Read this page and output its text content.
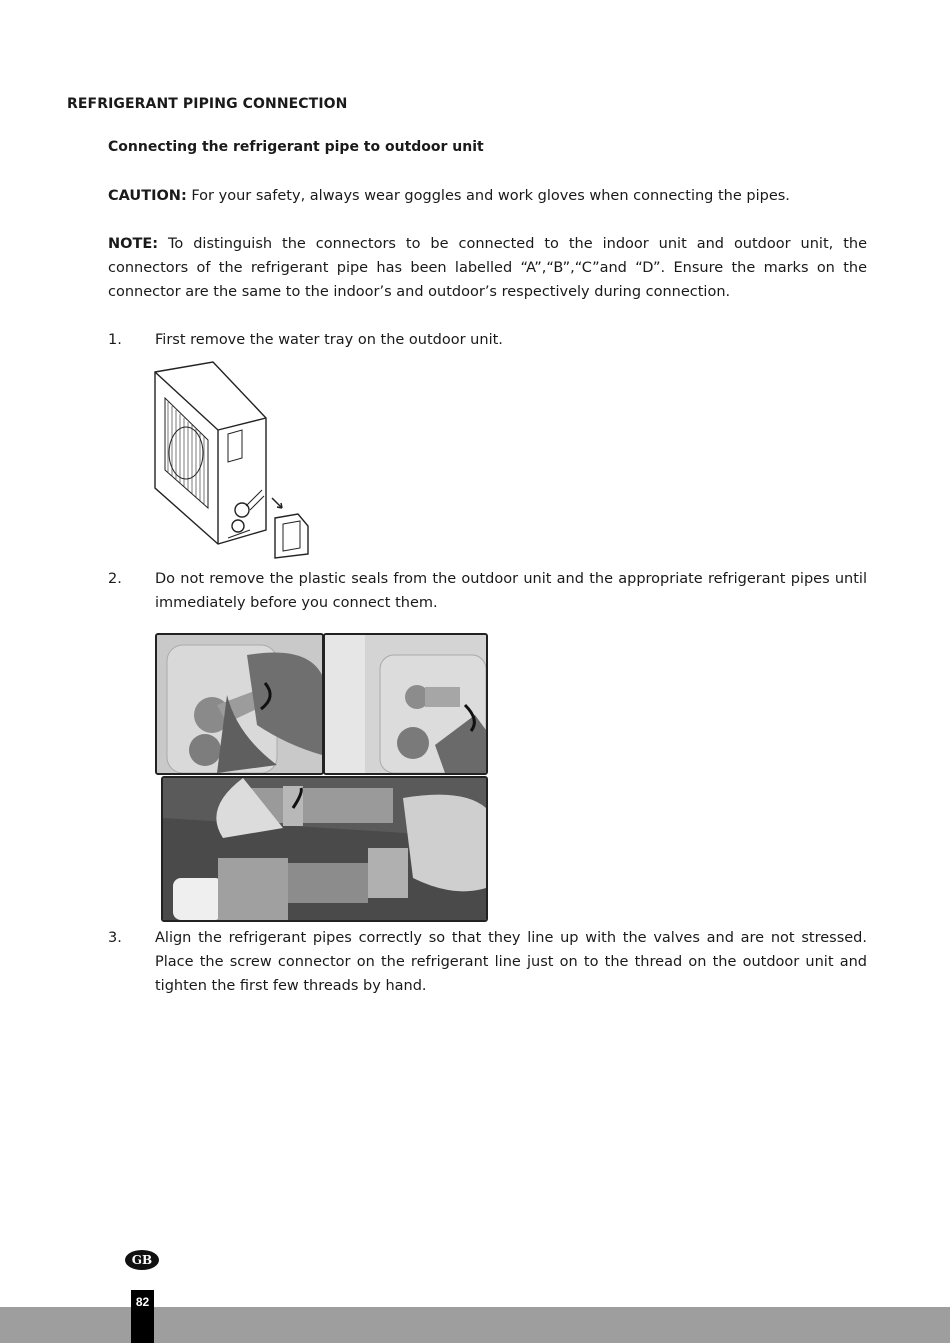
REFRIGERANT PIPING CONNECTION
Connecting the refrigerant pipe to outdoor unit
CAUTION: For your safety, always wear goggles and work gloves when connecting the pipes.
NOTE: To distinguish the connectors to be connected to the indoor unit and outdoor unit, the connectors of the refrigerant pipe has been labelled “A”,“B”,“C”and “D”. Ensure the marks on the connector are the same to the indoor’s and outdoor’s respectively during connection.
1. First remove the water tray on the outdoor unit.
2. Do not remove the plastic seals from the outdoor unit and the appropriate refrigerant pipes until immediately before you connect them.
3. Align the refrigerant pipes correctly so that they line up with the valves and are not stressed. Place the screw connector on the refrigerant line just on to the thread on the outdoor unit and tighten the first few threads by hand.
GB
82
